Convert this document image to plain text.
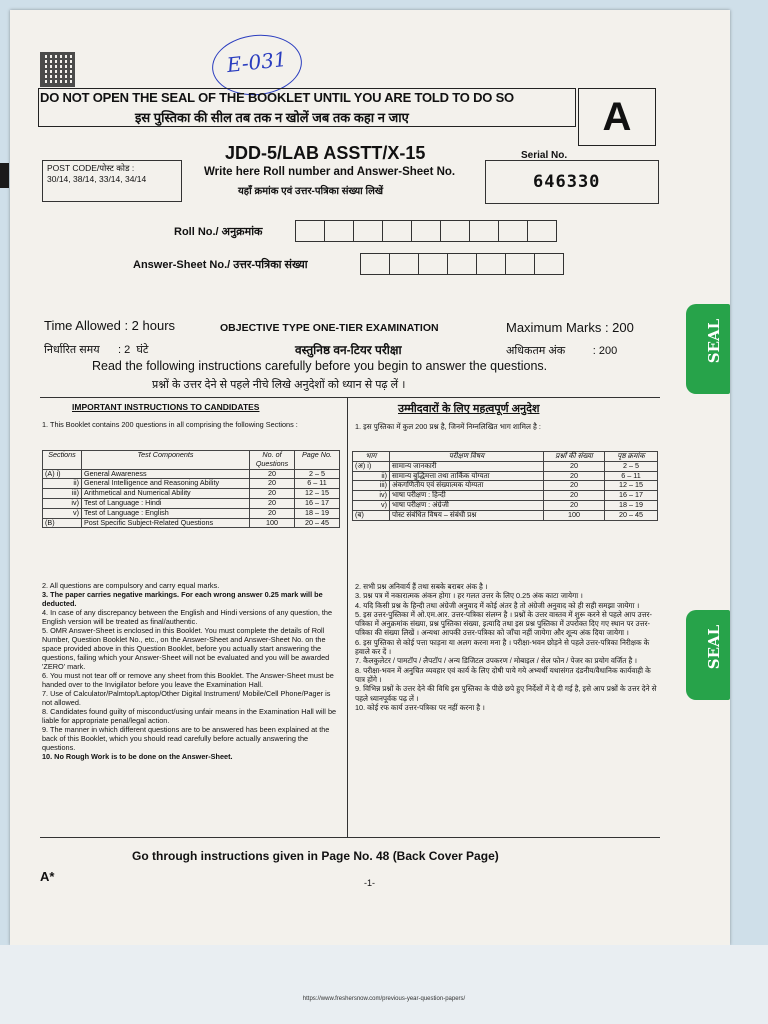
E-031
DO NOT OPEN THE SEAL OF THE BOOKLET UNTIL YOU ARE TOLD TO DO SO
इस पुस्तिका की सील तब तक न खोलें जब तक कहा न जाए	A
POST CODE/पोस्ट कोड :
30/14, 38/14, 33/14, 34/14
JDD-5/LAB ASSTT/X-15	Serial No.
646330
Write here Roll number and Answer-Sheet No.
यहाँ क्रमांक एवं उत्तर-पत्रिका संख्या लिखें
Roll No./ अनुक्रमांक
Answer-Sheet No./ उत्तर-पत्रिका संख्या
Time Allowed : 2 hours
निर्धारित समय      : 2  घंटे
OBJECTIVE TYPE ONE-TIER EXAMINATION
वस्तुनिष्ठ वन-टियर परीक्षा
Maximum Marks : 200
अधिकतम अंक         : 200
Read the following instructions carefully before you begin to answer the questions.
प्रश्नों के उत्तर देने से पहले नीचे लिखे अनुदेशों को ध्यान से पढ़ लें ।
IMPORTANT INSTRUCTIONS TO CANDIDATES
1. This Booklet contains 200 questions in all comprising the following Sections :
Sections	Test Components	No. of Questions	Page No.
(A) i)	General Awareness	20	2 – 5
ii)	General Intelligence and Reasoning Ability	20	6 – 11
iii)	Arithmetical and Numerical Ability	20	12 – 15
iv)	Test of Language : Hindi	20	16 – 17
v)	Test of Language : English	20	18 – 19
(B)	Post Specific Subject-Related Questions	100	20 – 45
2. All questions are compulsory and carry equal marks.
3. The paper carries negative markings. For each wrong answer 0.25 mark will be deducted.
4. In case of any discrepancy between the English and Hindi versions of any question, the English version will be treated as final/authentic.
5. OMR Answer-Sheet is enclosed in this Booklet. You must complete the details of Roll Number, Question Booklet No., etc., on the Answer-Sheet and Answer-Sheet No. on the space provided above in this Question Booklet, before you actually start answering the questions, failing which your Answer-Sheet will not be evaluated and you will be awarded 'ZERO' mark.
6. You must not tear off or remove any sheet from this Booklet. The Answer-Sheet must be handed over to the Invigilator before you leave the Examination Hall.
7. Use of Calculator/Palmtop/Laptop/Other Digital Instrument/ Mobile/Cell Phone/Pager is not allowed.
8. Candidates found guilty of misconduct/using unfair means in the Examination Hall will be liable for appropriate penal/legal action.
9. The manner in which different questions are to be answered has been explained at the back of this Booklet, which you should read carefully before actually answering the questions.
10. No Rough Work is to be done on the Answer-Sheet.
उम्मीदवारों के लिए महत्वपूर्ण अनुदेश
1. इस पुस्तिका में कुल 200 प्रश्न है, जिनमें निम्नलिखित भाग शामिल है :
भाग	परीक्षण विषय	प्रश्नों की संख्या	पृष्ठ क्रमांक
(अ) i)	सामान्य जानकारी	20	2 – 5
ii)	सामान्य बुद्धिमत्ता तथा तार्किक योग्यता	20	6 – 11
iii)	अंकगणितीय एवं संख्यात्मक योग्यता	20	12 – 15
iv)	भाषा परीक्षण : हिन्दी	20	16 – 17
v)	भाषा परीक्षण : अंग्रेजी	20	18 – 19
(ब)	पोस्ट संबंधित विषय – संबंधी प्रश्न	100	20 – 45
2. सभी प्रश्न अनिवार्य हैं तथा सबके बराबर अंक है ।
3. प्रश्न पत्र में नकारात्मक अंकन होगा । हर गलत उत्तर के लिए 0.25 अंक काटा जायेगा ।
4. यदि किसी प्रश्न के हिन्दी तथा अंग्रेजी अनुवाद में कोई अंतर है तो अंग्रेजी अनुवाद को ही सही समझा जायेगा ।
5. इस उत्तर-पुस्तिका में ओ.एम.आर. उत्तर-पत्रिका संलग्न है । प्रश्नों के उत्तर वास्तव में शुरू करने से पहले आप उत्तर-पत्रिका में अनुक्रमांक संख्या, प्रश्न पुस्तिका संख्या, इत्यादि तथा इस प्रश्न पुस्तिका में उपरोक्त दिए गए स्थान पर उत्तर-पत्रिका की संख्या लिखें । अन्यथा आपकी उत्तर-पत्रिका को जाँचा नहीं जायेगा और शून्य अंक दिया जायेगा ।
6. इस पुस्तिका से कोई पत्ता फाड़ना या अलग करना मना है । परीक्षा-भवन छोड़ने से पहले उत्तर-पत्रिका निरीक्षक के हवाले कर दें ।
7. कैलकुलेटर / पामटॉप / लैपटॉप / अन्य डिजिटल उपकरण / मोबाइल / सेल फोन / पेजर का प्रयोग वर्जित है ।
8. परीक्षा-भवन में अनुचित व्यवहार एवं कार्य के लिए दोषी पाये गये अभ्यर्थी यथासंगत दंडनीय/वैधानिक कार्यवाही के पात्र होंगे ।
9. विभिन्न प्रश्नों के उत्तर देने की विधि इस पुस्तिका के पीछे छपे हुए निर्देशों में दे दी गई है, इसे आप प्रश्नों के उत्तर देने से पहले ध्यानपूर्वक पढ़ लें ।
10. कोई रफ कार्य उत्तर-पत्रिका पर नहीं करना है ।
Go through instructions given in Page No. 48 (Back Cover Page)
A*	-1-
SEAL
SEAL
https://www.freshersnow.com/previous-year-question-papers/
